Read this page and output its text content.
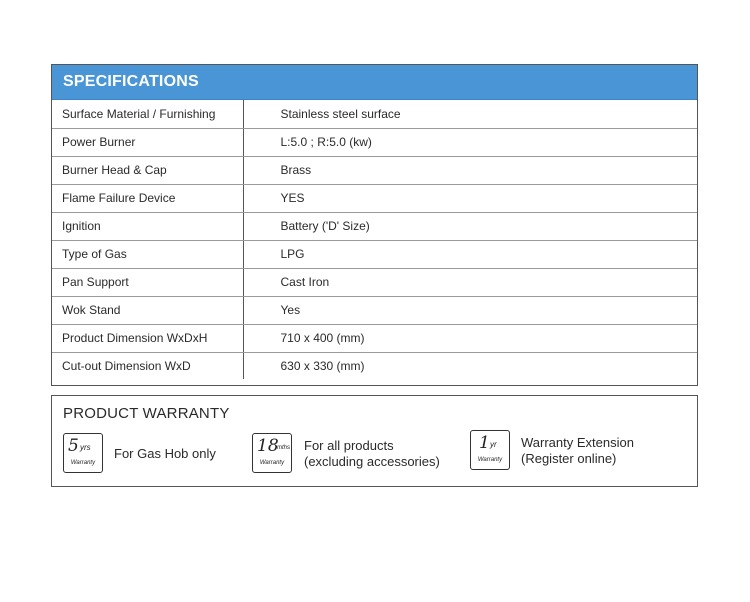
SPECIFICATIONS
Surface Material / Furnishing	Stainless steel surface
Power Burner	L:5.0 ; R:5.0 (kw)
Burner Head & Cap	Brass
Flame Failure Device	YES
Ignition	Battery ('D' Size)
Type of Gas	LPG
Pan Support	Cast Iron
Wok Stand	Yes
Product Dimension WxDxH	710 x 400 (mm)
Cut-out Dimension WxD	630 x 330 (mm)
PRODUCT WARRANTY
5 yrs
Warranty
For Gas Hob only 18
mths
Warranty
For all products
(excluding accessories)
1 yr
Warranty
Warranty Extension
(Register online)
